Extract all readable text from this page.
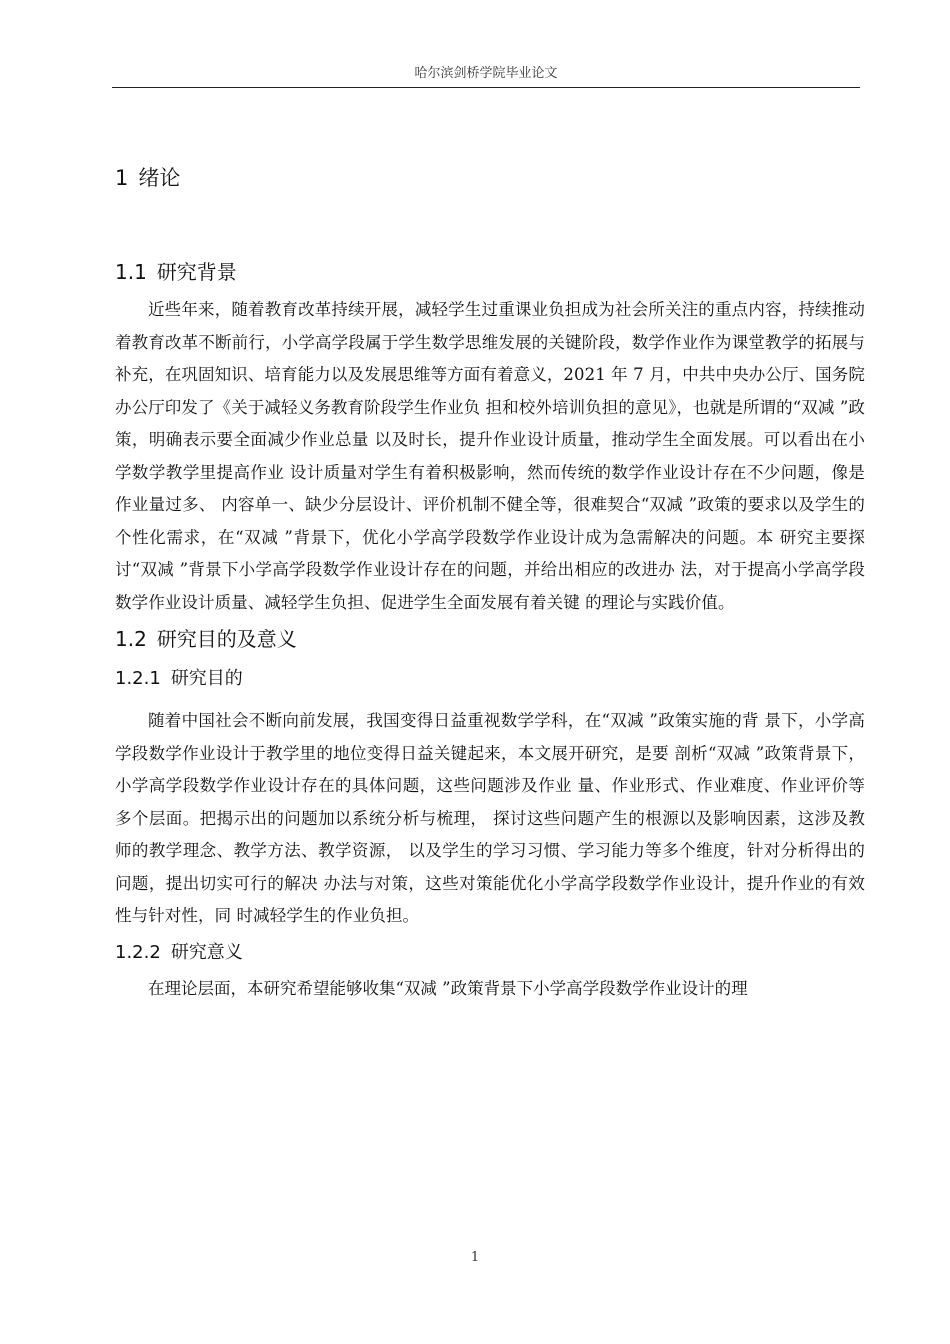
哈尔滨剑桥学院毕业论文
1 绪论
1.1 研究背景

近些年来，随着教育改革持续开展，减轻学生过重课业负担成为社会所关注的重点内容，持续推动着教育改革不断前行，小学高学段属于学生数学思维发展的关键阶段，数学作业作为课堂教学的拓展与补充，在巩固知识、培育能力以及发展思维等方面有着意义，2021 年 7 月，中共中央办公厅、国务院办公厅印发了《关于减轻义务教育阶段学生作业负 担和校外培训负担的意见》，也就是所谓的“双减 ”政策，明确表示要全面减少作业总量 以及时长，提升作业设计质量，推动学生全面发展。可以看出在小学数学教学里提高作业 设计质量对学生有着积极影响，然而传统的数学作业设计存在不少问题，像是作业量过多、 内容单一、缺少分层设计、评价机制不健全等，很难契合“双减 ”政策的要求以及学生的 个性化需求，在“双减 ”背景下，优化小学高学段数学作业设计成为急需解决的问题。本 研究主要探讨“双减 ”背景下小学高学段数学作业设计存在的问题，并给出相应的改进办 法，对于提高小学高学段数学作业设计质量、减轻学生负担、促进学生全面发展有着关键 的理论与实践价值。

1.2 研究目的及意义
1.2.1 研究目的

随着中国社会不断向前发展，我国变得日益重视数学学科，在“双减 ”政策实施的背 景下，小学高学段数学作业设计于教学里的地位变得日益关键起来，本文展开研究，是要 剖析“双减 ”政策背景下，小学高学段数学作业设计存在的具体问题，这些问题涉及作业 量、作业形式、作业难度、作业评价等多个层面。把揭示出的问题加以系统分析与梳理， 探讨这些问题产生的根源以及影响因素，这涉及教师的教学理念、教学方法、教学资源， 以及学生的学习习惯、学习能力等多个维度，针对分析得出的问题，提出切实可行的解决 办法与对策，这些对策能优化小学高学段数学作业设计，提升作业的有效性与针对性，同 时减轻学生的作业负担。

1.2.2 研究意义

在理论层面，本研究希望能够收集“双减 ”政策背景下小学高学段数学作业设计的理

1
